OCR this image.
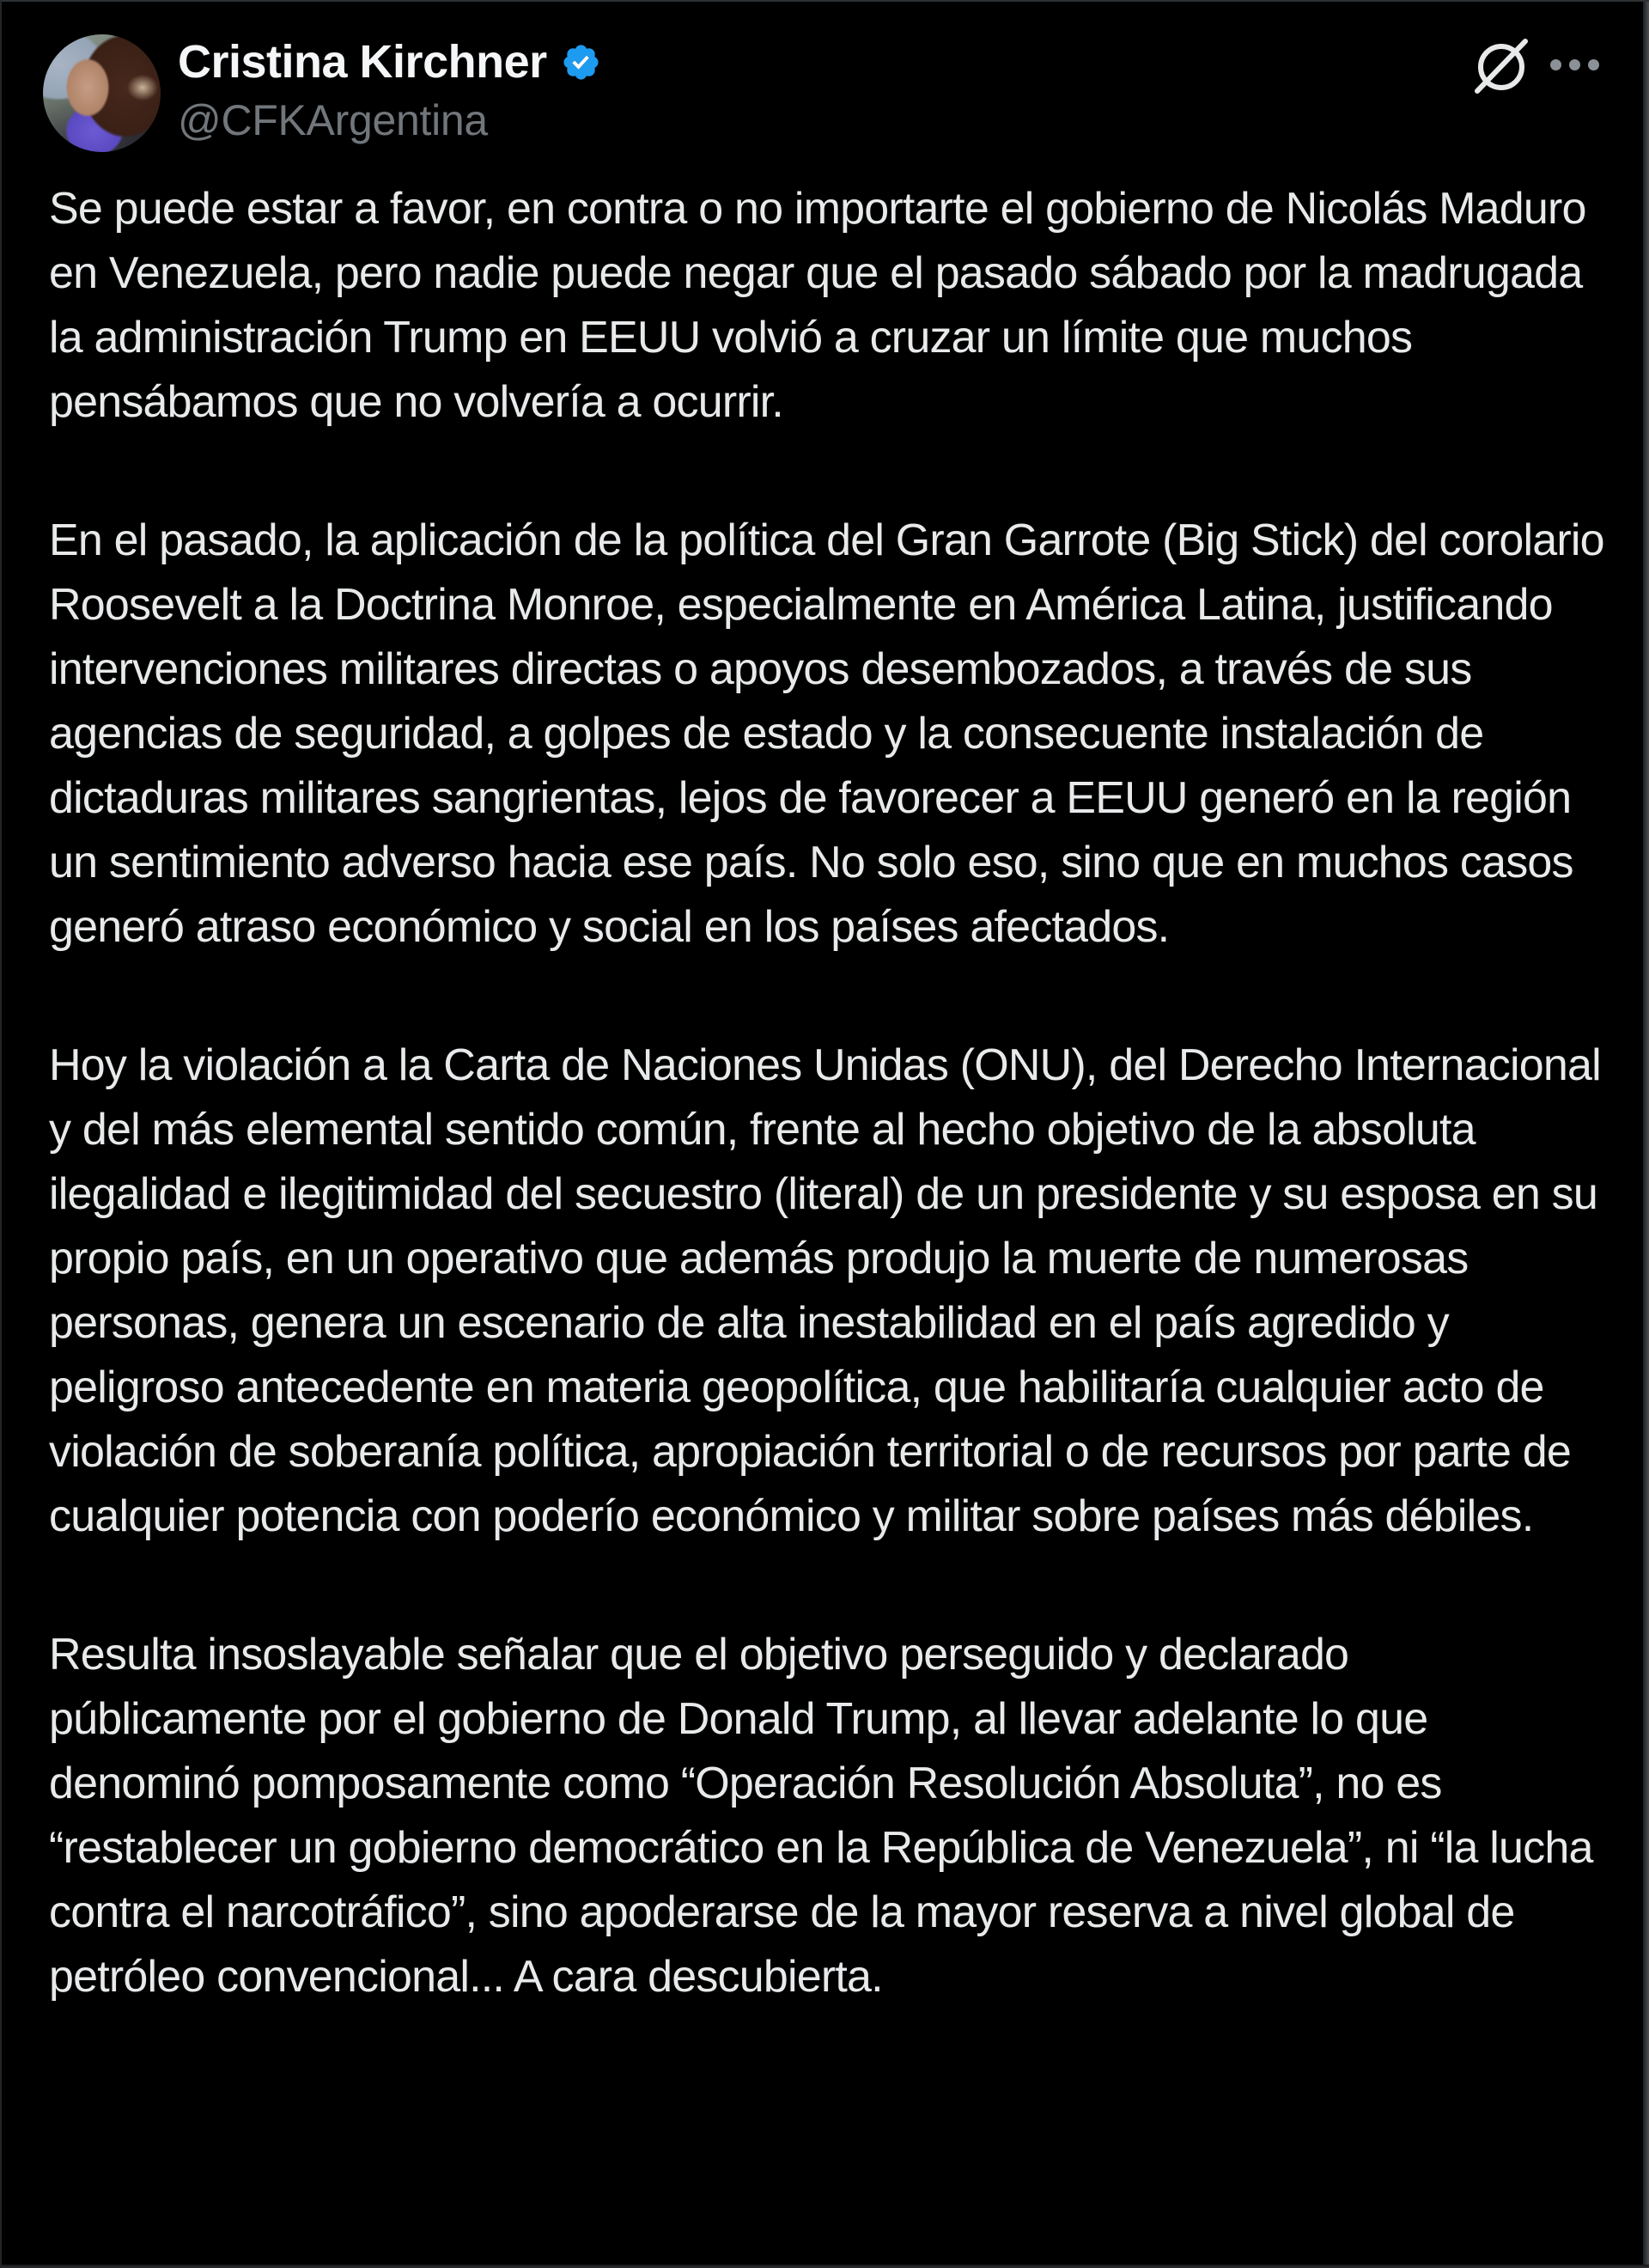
Cristina Kirchner
@CFKArgentina

Se puede estar a favor, en contra o no importarte el gobierno de Nicolás Maduro en Venezuela, pero nadie puede negar que el pasado sábado por la madrugada la administración Trump en EEUU volvió a cruzar un límite que muchos pensábamos que no volvería a ocurrir.

En el pasado, la aplicación de la política del Gran Garrote (Big Stick) del corolario Roosevelt a la Doctrina Monroe, especialmente en América Latina, justificando intervenciones militares directas o apoyos desembozados, a través de sus agencias de seguridad, a golpes de estado y la consecuente instalación de dictaduras militares sangrientas, lejos de favorecer a EEUU generó en la región un sentimiento adverso hacia ese país. No solo eso, sino que en muchos casos generó atraso económico y social en los países afectados.

Hoy la violación a la Carta de Naciones Unidas (ONU), del Derecho Internacional y del más elemental sentido común, frente al hecho objetivo de la absoluta ilegalidad e ilegitimidad del secuestro (literal) de un presidente y su esposa en su propio país, en un operativo que además produjo la muerte de numerosas personas, genera un escenario de alta inestabilidad en el país agredido y peligroso antecedente en materia geopolítica, que habilitaría cualquier acto de violación de soberanía política, apropiación territorial o de recursos por parte de cualquier potencia con poderío económico y militar sobre países más débiles.

Resulta insoslayable señalar que el objetivo perseguido y declarado públicamente por el gobierno de Donald Trump, al llevar adelante lo que denominó pomposamente como “Operación Resolución Absoluta”, no es “restablecer un gobierno democrático en la República de Venezuela”, ni “la lucha contra el narcotráfico”, sino apoderarse de la mayor reserva a nivel global de petróleo convencional... A cara descubierta.
